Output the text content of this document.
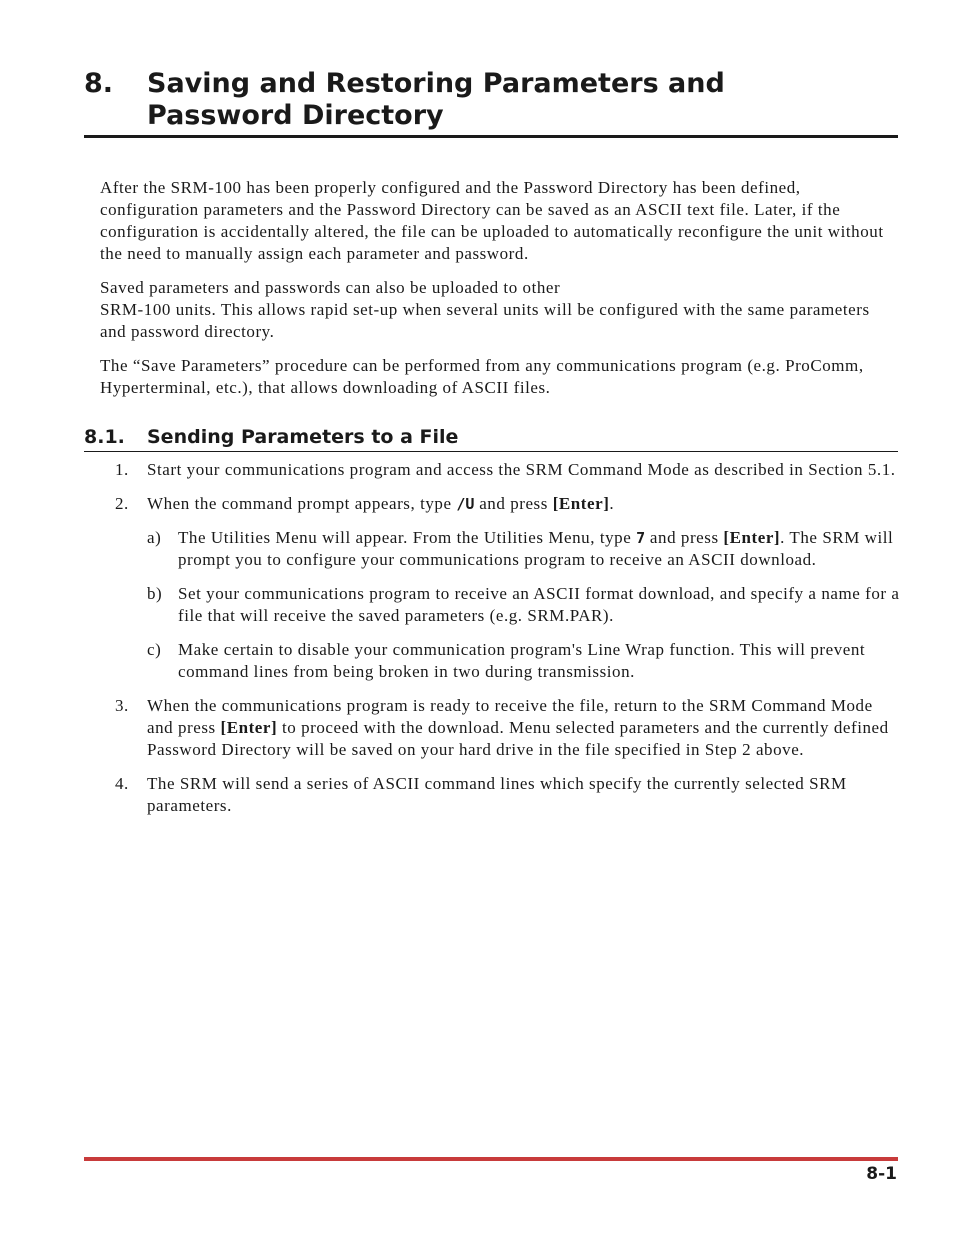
8. Saving and Restoring Parameters and
Password Directory

After the SRM-100 has been properly configured and the Password Directory has been defined, configuration parameters and the Password Directory can be saved as an ASCII text file. Later, if the configuration is accidentally altered, the file can be uploaded to automatically reconfigure the unit without the need to manually assign each parameter and password.

Saved parameters and passwords can also be uploaded to other
SRM-100 units. This allows rapid set-up when several units will be configured with the same parameters and password directory.

The “Save Parameters” procedure can be performed from any communications program (e.g. ProComm, Hyperterminal, etc.), that allows downloading of ASCII files.

8.1. Sending Parameters to a File
1. Start your communications program and access the SRM Command Mode as described in Section 5.1.
2. When the command prompt appears, type /U and press [Enter].
a) The Utilities Menu will appear. From the Utilities Menu, type 7 and press [Enter]. The SRM will prompt you to configure your communications program to receive an ASCII download.
b) Set your communications program to receive an ASCII format download, and specify a name for a file that will receive the saved parameters (e.g. SRM.PAR).
c) Make certain to disable your communication program's Line Wrap function. This will prevent command lines from being broken in two during transmission.
3. When the communications program is ready to receive the file, return to the SRM Command Mode and press [Enter] to proceed with the download. Menu selected parameters and the currently defined Password Directory will be saved on your hard drive in the file specified in Step 2 above.
4. The SRM will send a series of ASCII command lines which specify the currently selected SRM parameters.
8-1
